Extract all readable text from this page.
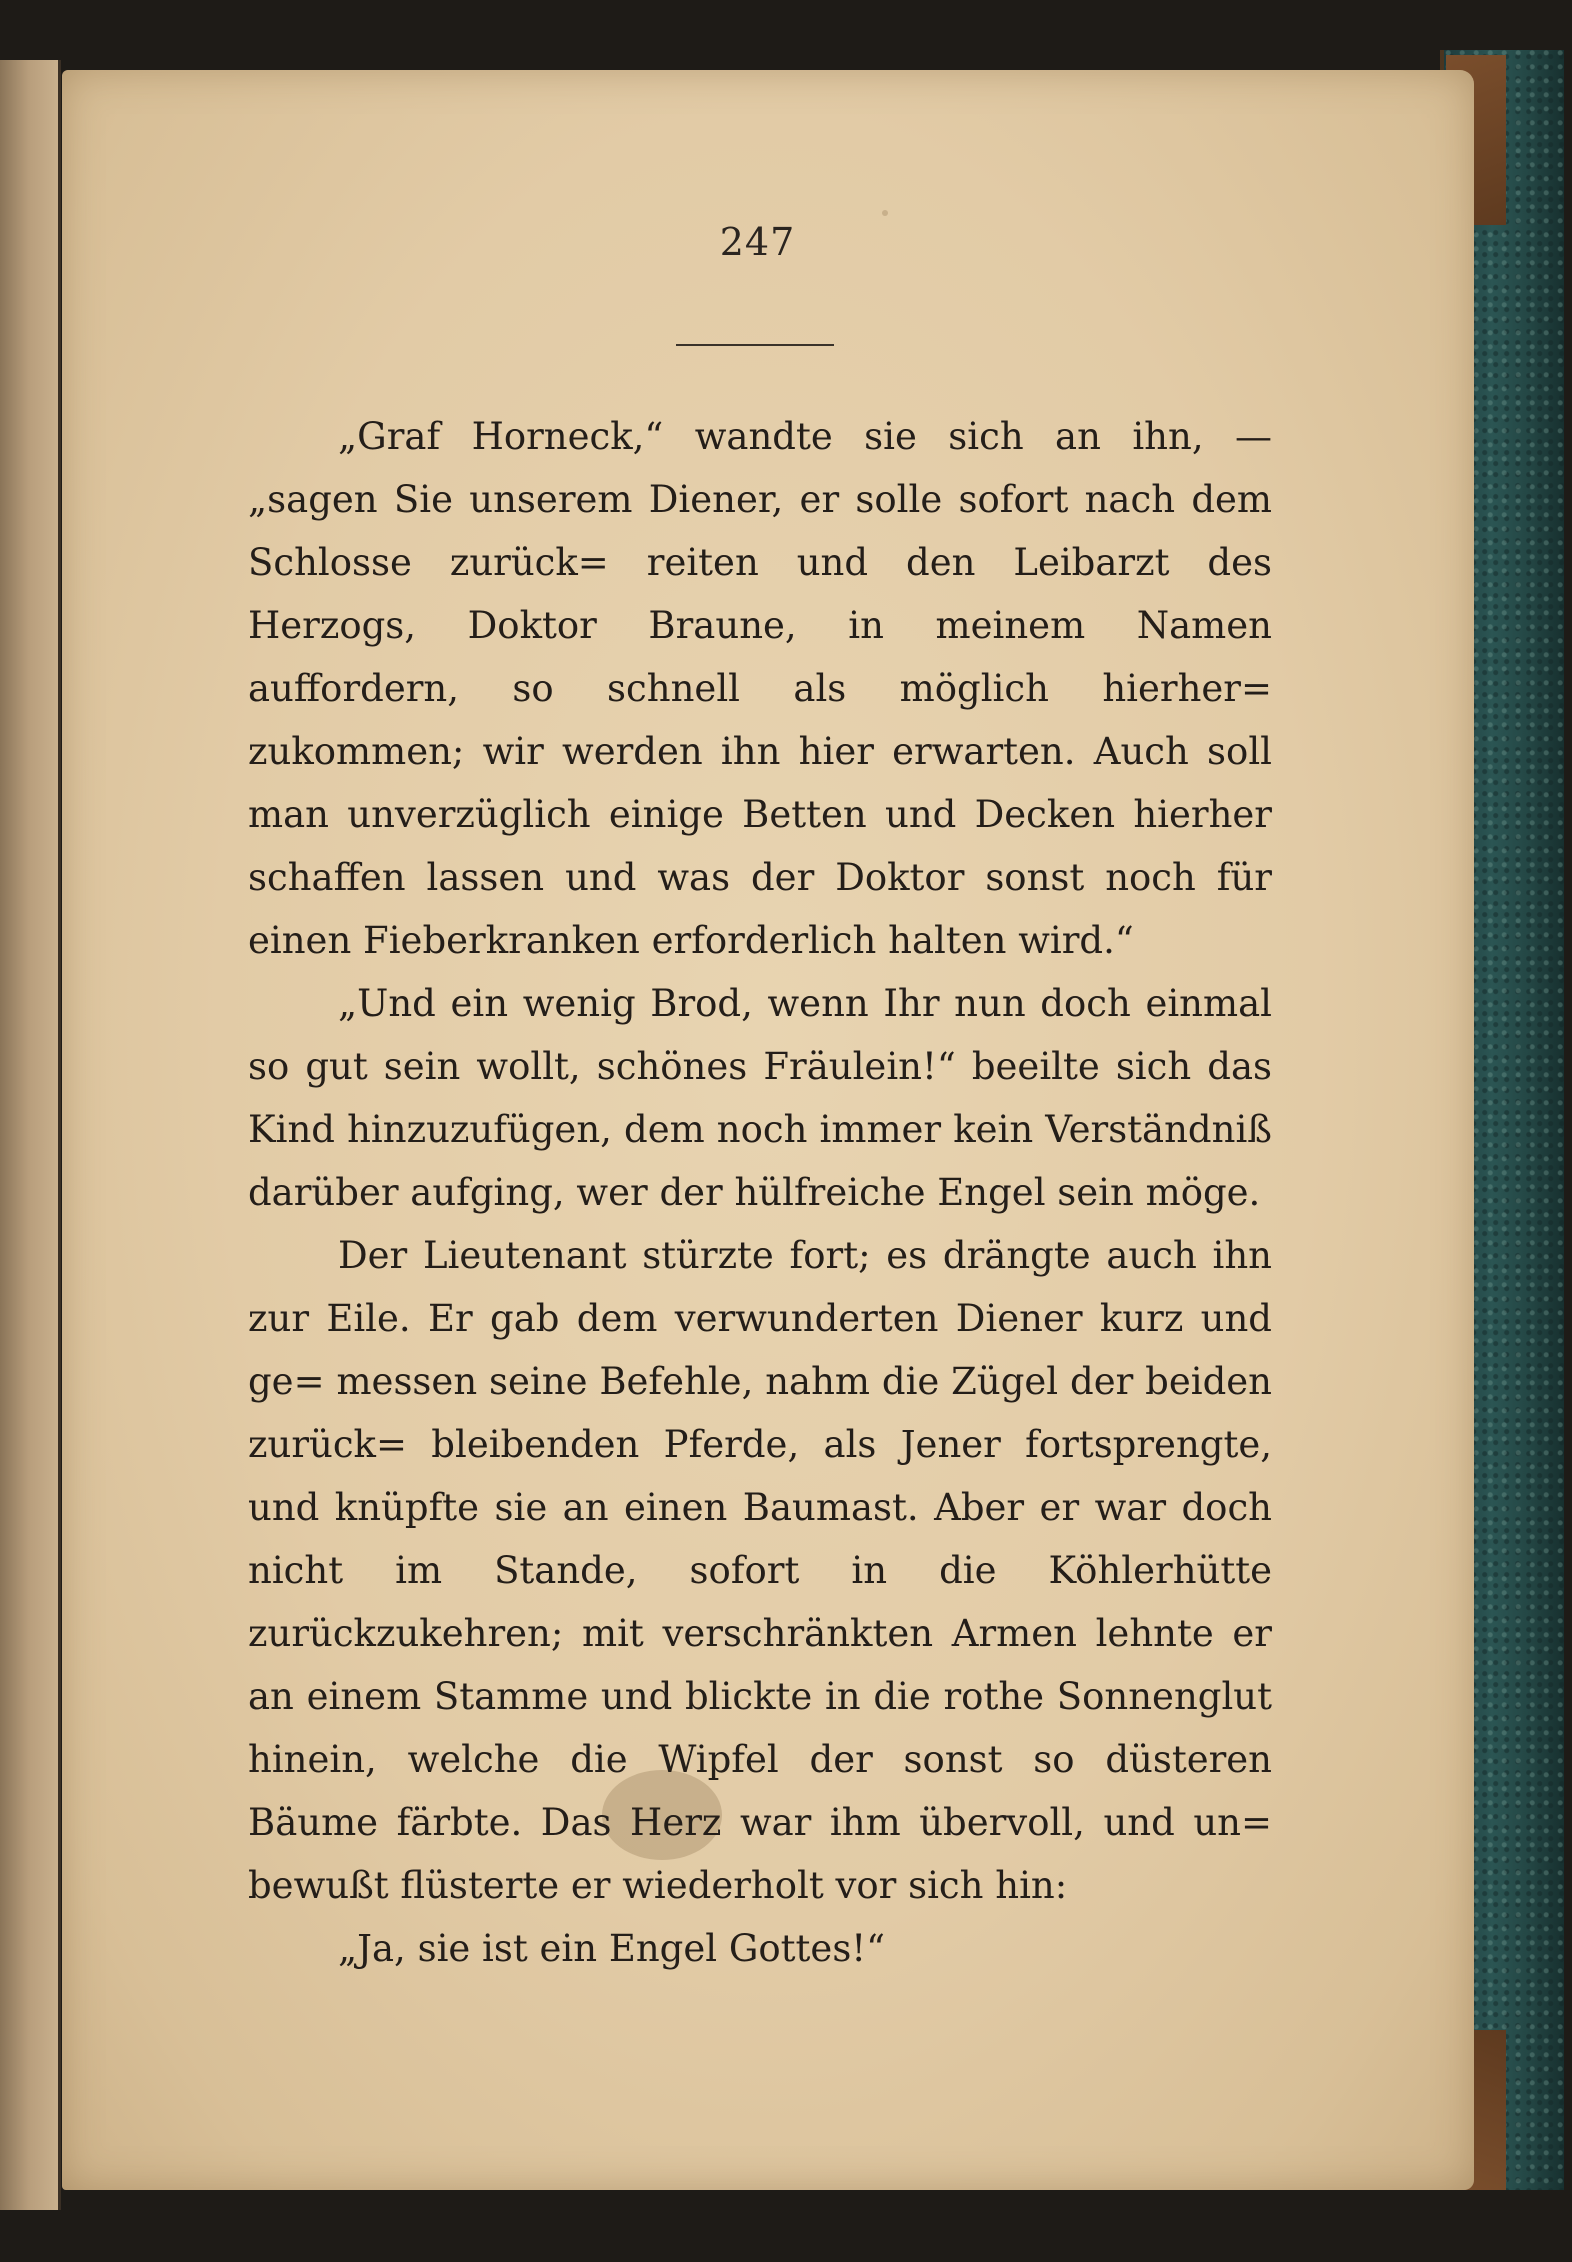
247

„Graf Horneck,“ wandte sie sich an ihn, — „sagen Sie unserem Diener, er solle sofort nach dem Schlosse zurück= reiten und den Leibarzt des Herzogs, Doktor Braune, in meinem Namen auffordern, so schnell als möglich hierher= zukommen; wir werden ihn hier erwarten. Auch soll man unverzüglich einige Betten und Decken hierher schaffen lassen und was der Doktor sonst noch für einen Fieberkranken erforderlich halten wird.“

„Und ein wenig Brod, wenn Ihr nun doch einmal so gut sein wollt, schönes Fräulein!“ beeilte sich das Kind hinzuzufügen, dem noch immer kein Verständniß darüber aufging, wer der hülfreiche Engel sein möge.

Der Lieutenant stürzte fort; es drängte auch ihn zur Eile. Er gab dem verwunderten Diener kurz und ge= messen seine Befehle, nahm die Zügel der beiden zurück= bleibenden Pferde, als Jener fortsprengte, und knüpfte sie an einen Baumast. Aber er war doch nicht im Stande, sofort in die Köhlerhütte zurückzukehren; mit verschränkten Armen lehnte er an einem Stamme und blickte in die rothe Sonnenglut hinein, welche die Wipfel der sonst so düsteren Bäume färbte. Das Herz war ihm übervoll, und un= bewußt flüsterte er wiederholt vor sich hin:

„Ja, sie ist ein Engel Gottes!“
